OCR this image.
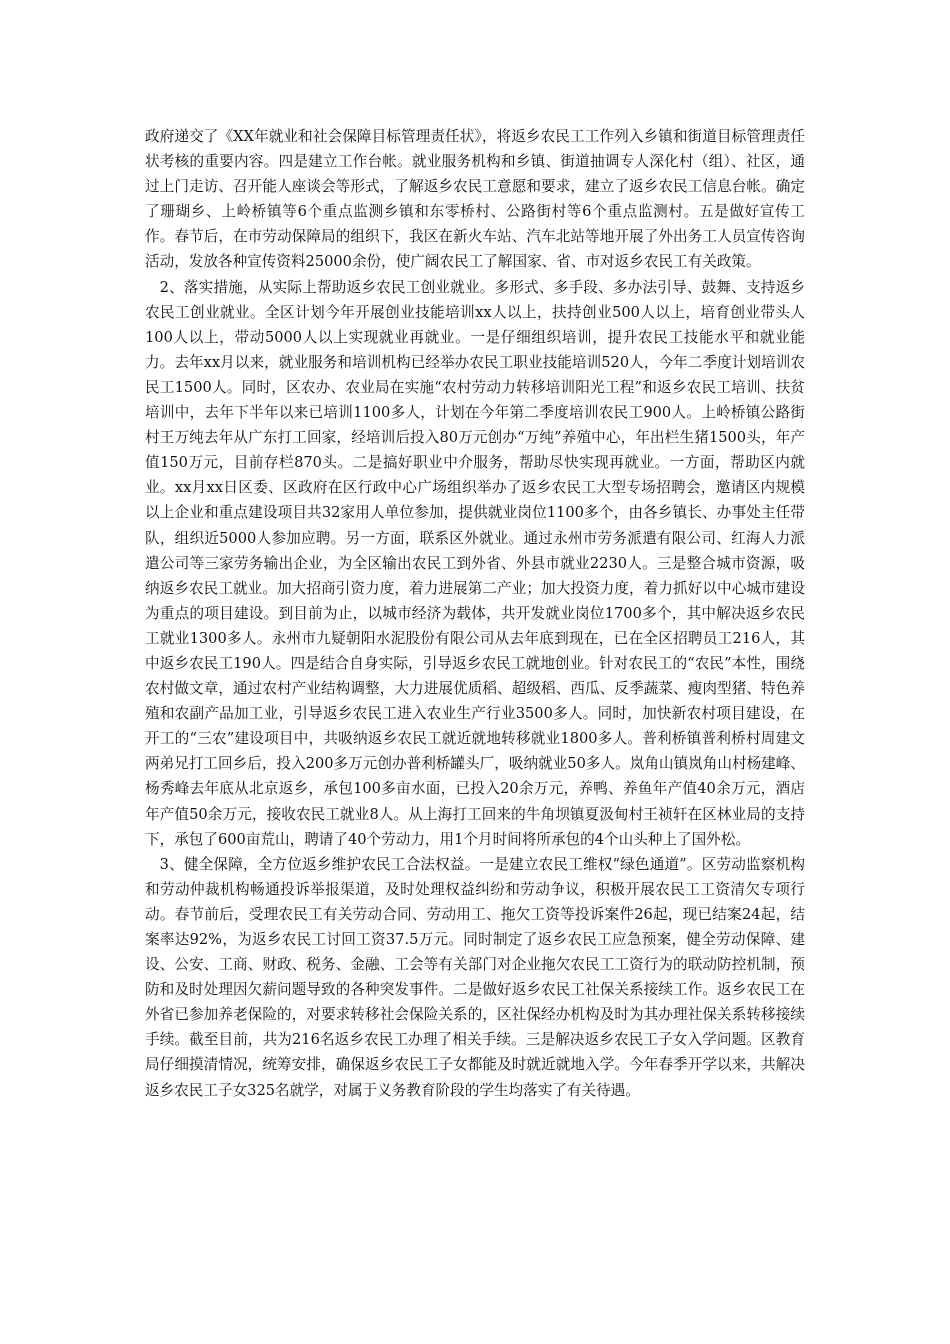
政府递交了《XX年就业和社会保障目标管理责任状》，将返乡农民工工作列入乡镇和街道目标管理责任状考核的重要内容。四是建立工作台帐。就业服务机构和乡镇、街道抽调专人深化村（组）、社区，通过上门走访、召开能人座谈会等形式，了解返乡农民工意愿和要求，建立了返乡农民工信息台帐。确定了珊瑚乡、上岭桥镇等6个重点监测乡镇和东零桥村、公路街村等6个重点监测村。五是做好宣传工作。春节后，在市劳动保障局的组织下，我区在新火车站、汽车北站等地开展了外出务工人员宣传咨询活动，发放各种宣传资料25000余份，使广阔农民工了解国家、省、市对返乡农民工有关政策。

2、落实措施，从实际上帮助返乡农民工创业就业。多形式、多手段、多办法引导、鼓舞、支持返乡农民工创业就业。全区计划今年开展创业技能培训xx人以上，扶持创业500人以上，培育创业带头人100人以上，带动5000人以上实现就业再就业。一是仔细组织培训，提升农民工技能水平和就业能力。去年xx月以来，就业服务和培训机构已经举办农民工职业技能培训520人，今年二季度计划培训农民工1500人。同时，区农办、农业局在实施“农村劳动力转移培训阳光工程”和返乡农民工培训、扶贫培训中，去年下半年以来已培训1100多人，计划在今年第二季度培训农民工900人。上岭桥镇公路街村王万纯去年从广东打工回家，经培训后投入80万元创办“万纯”养殖中心，年出栏生猪1500头，年产值150万元，目前存栏870头。二是搞好职业中介服务，帮助尽快实现再就业。一方面，帮助区内就业。xx月xx日区委、区政府在区行政中心广场组织举办了返乡农民工大型专场招聘会，邀请区内规模以上企业和重点建设项目共32家用人单位参加，提供就业岗位1100多个，由各乡镇长、办事处主任带队，组织近5000人参加应聘。另一方面，联系区外就业。通过永州市劳务派遣有限公司、红海人力派遣公司等三家劳务输出企业，为全区输出农民工到外省、外县市就业2230人。三是整合城市资源，吸纳返乡农民工就业。加大招商引资力度，着力进展第二产业；加大投资力度，着力抓好以中心城市建设为重点的项目建设。到目前为止，以城市经济为载体，共开发就业岗位1700多个，其中解决返乡农民工就业1300多人。永州市九疑朝阳水泥股份有限公司从去年底到现在，已在全区招聘员工216人，其中返乡农民工190人。四是结合自身实际，引导返乡农民工就地创业。针对农民工的“农民”本性，围绕农村做文章，通过农村产业结构调整，大力进展优质稻、超级稻、西瓜、反季蔬菜、瘦肉型猪、特色养殖和农副产品加工业，引导返乡农民工进入农业生产行业3500多人。同时，加快新农村项目建设，在开工的“三农”建设项目中，共吸纳返乡农民工就近就地转移就业1800多人。普利桥镇普利桥村周建文两弟兄打工回乡后，投入200多万元创办普利桥罐头厂，吸纳就业50多人。岚角山镇岚角山村杨建峰、杨秀峰去年底从北京返乡，承包100多亩水面，已投入20余万元，养鸭、养鱼年产值40余万元，酒店年产值50余万元，接收农民工就业8人。从上海打工回来的牛角坝镇夏汲甸村王祯轩在区林业局的支持下，承包了600亩荒山，聘请了40个劳动力，用1个月时间将所承包的4个山头种上了国外松。

3、健全保障，全方位返乡维护农民工合法权益。一是建立农民工维权“绿色通道”。区劳动监察机构和劳动仲裁机构畅通投诉举报渠道，及时处理权益纠纷和劳动争议，积极开展农民工工资清欠专项行动。春节前后，受理农民工有关劳动合同、劳动用工、拖欠工资等投诉案件26起，现已结案24起，结案率达92%，为返乡农民工讨回工资37.5万元。同时制定了返乡农民工应急预案，健全劳动保障、建设、公安、工商、财政、税务、金融、工会等有关部门对企业拖欠农民工工资行为的联动防控机制，预防和及时处理因欠薪问题导致的各种突发事件。二是做好返乡农民工社保关系接续工作。返乡农民工在外省已参加养老保险的，对要求转移社会保险关系的，区社保经办机构及时为其办理社保关系转移接续手续。截至目前，共为216名返乡农民工办理了相关手续。三是解决返乡农民工子女入学问题。区教育局仔细摸清情况，统筹安排，确保返乡农民工子女都能及时就近就地入学。今年春季开学以来，共解决返乡农民工子女325名就学，对属于义务教育阶段的学生均落实了有关待遇。
